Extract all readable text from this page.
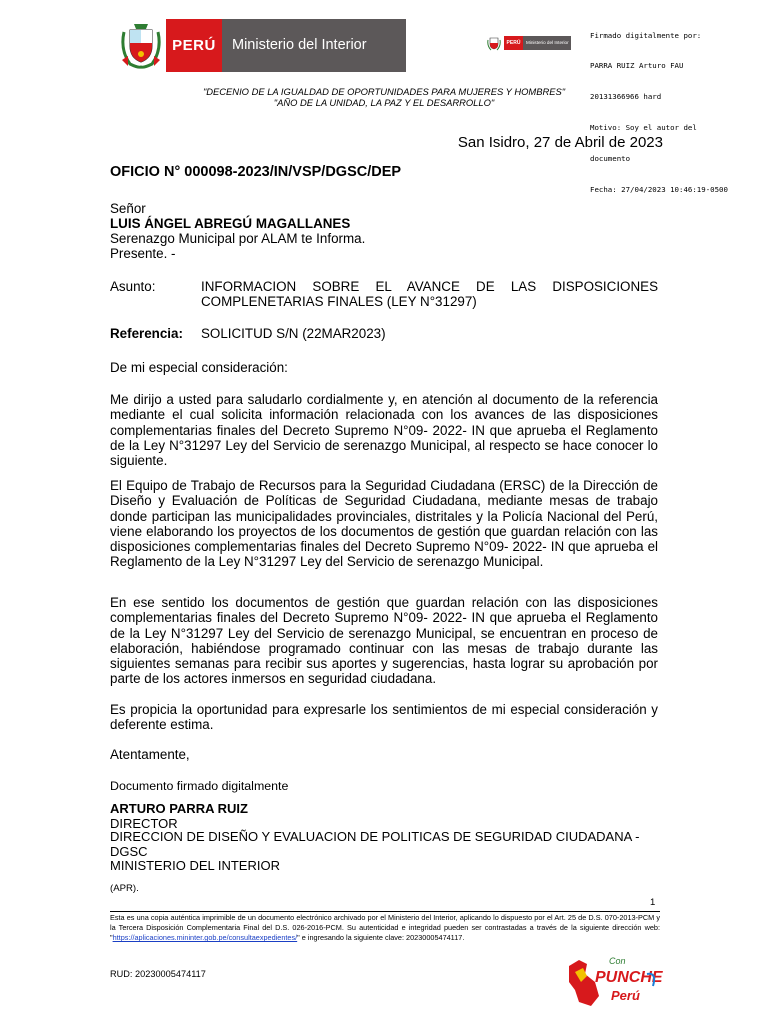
PERÚ	Ministerio del Interior	PERÚ	Ministerio del Interior

Firmado digitalmente por:

PARRA RUIZ Arturo FAU

20131366966 hard

Motivo: Soy el autor del

documento

Fecha: 27/04/2023 10:46:19-0500

"DECENIO DE LA IGUALDAD DE OPORTUNIDADES PARA MUJERES Y HOMBRES"
"AÑO DE LA UNIDAD, LA PAZ Y EL DESARROLLO"
San Isidro, 27 de Abril de 2023
OFICIO N° 000098-2023/IN/VSP/DGSC/DEP
Señor
LUIS ÁNGEL ABREGÚ MAGALLANES
Serenazgo Municipal por ALAM te Informa.
Presente. -
Asunto:	INFORMACION SOBRE EL AVANCE DE LAS DISPOSICIONES COMPLENETARIAS FINALES (LEY N°31297)
Referencia: SOLICITUD S/N (22MAR2023)
De mi especial consideración:
Me dirijo a usted para saludarlo cordialmente y, en atención al documento de la referencia mediante el cual solicita información relacionada con los avances de las disposiciones complementarias finales del Decreto Supremo N°09- 2022- IN que aprueba el Reglamento de la Ley N°31297 Ley del Servicio de serenazgo Municipal, al respecto se hace conocer lo siguiente.
El Equipo de Trabajo de Recursos para la Seguridad Ciudadana (ERSC) de la Dirección de Diseño y Evaluación de Políticas de Seguridad Ciudadana, mediante mesas de trabajo donde participan las municipalidades provinciales, distritales y la Policía Nacional del Perú, viene elaborando los proyectos de los documentos de gestión que guardan relación con las disposiciones complementarias finales del Decreto Supremo N°09- 2022- IN que aprueba el Reglamento de la Ley N°31297 Ley del Servicio de serenazgo Municipal.
En ese sentido los documentos de gestión que guardan relación con las disposiciones complementarias finales del Decreto Supremo N°09- 2022- IN que aprueba el Reglamento de la Ley N°31297 Ley del Servicio de serenazgo Municipal, se encuentran en proceso de elaboración, habiéndose programado continuar con las mesas de trabajo durante las siguientes semanas para recibir sus aportes y sugerencias, hasta lograr su aprobación por parte de los actores inmersos en seguridad ciudadana.
Es propicia la oportunidad para expresarle los sentimientos de mi especial consideración y deferente estima.
Atentamente,
Documento firmado digitalmente
ARTURO PARRA RUIZ
DIRECTOR
DIRECCION DE DISEÑO Y EVALUACION DE POLITICAS DE SEGURIDAD CIUDADANA - DGSC
MINISTERIO DEL INTERIOR
(APR).
1
Esta es una copia auténtica imprimible de un documento electrónico archivado por el Ministerio del Interior, aplicando lo dispuesto por el Art. 25 de D.S. 070-2013-PCM y la Tercera Disposición Complementaria Final del D.S. 026-2016-PCM. Su autenticidad e integridad pueden ser contrastadas a través de la siguiente dirección web: "https://aplicaciones.mininter.gob.pe/consultaexpedientes/" e ingresando la siguiente clave: 20230005474117.
RUD: 20230005474117
Con
PUNCHE
Perú
